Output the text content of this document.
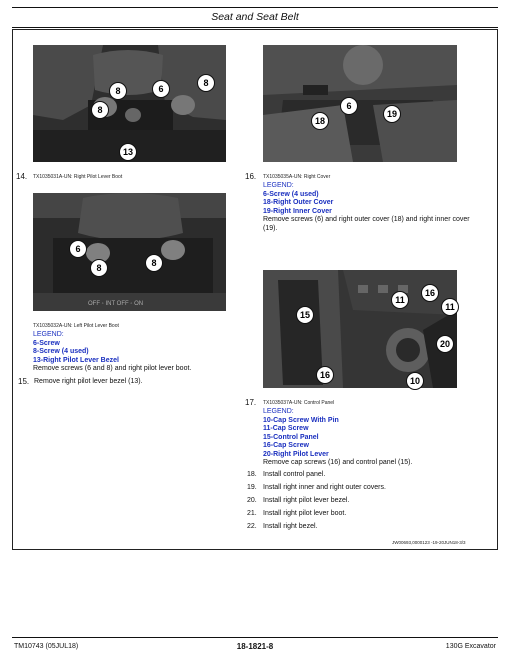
Seat and Seat Belt
8	6
8
8
13
14. TX1035031A-UN: Right Pilot Lever Boot
6
18
19
16. TX1035035A-UN: Right Cover
LEGEND:
6-Screw (4 used)
18-Right Outer Cover
19-Right Inner Cover
Remove screws (6) and right outer cover (18) and right inner cover (19).
OFF ◦ INT OFF ◦ ON
6
8	8
TX1035032A-UN: Left Pilot Lever Boot
LEGEND:
6-Screw
8-Screw (4 used)
13-Right Pilot Lever Bezel
Remove screws (6 and 8) and right pilot lever boot.
15. Remove right pilot lever bezel (13).
11
16
11
15
16
20
10
17. TX1035037A-UN: Control Panel
LEGEND:
10-Cap Screw With Pin
11-Cap Screw
15-Control Panel
16-Cap Screw
20-Right Pilot Lever
Remove cap screws (16) and control panel (15).
18. Install control panel.
19. Install right inner and right outer covers.
20. Install right pilot lever bezel.
21. Install right pilot lever boot.
22. Install right bezel.
JW00693,0000123 -19-20JUN18-3/3
TM10743 (05JUL18)	18-1821-8	130G Excavator
